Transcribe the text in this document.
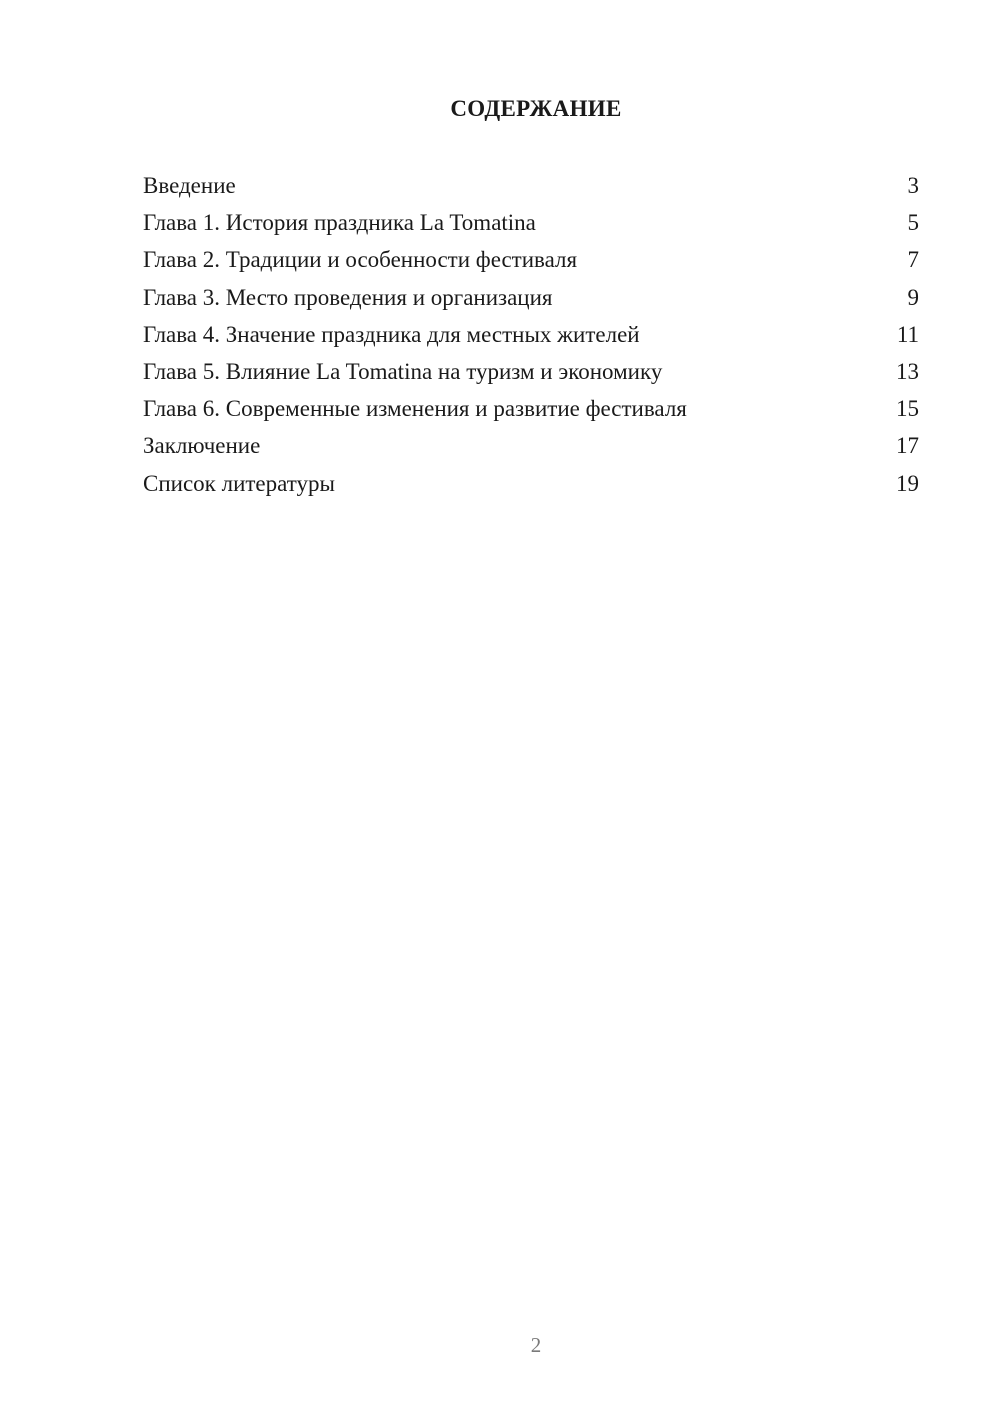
СОДЕРЖАНИЕ
Введение	3
Глава 1. История праздника La Tomatina	5
Глава 2. Традиции и особенности фестиваля	7
Глава 3. Место проведения и организация	9
Глава 4. Значение праздника для местных жителей	11
Глава 5. Влияние La Tomatina на туризм и экономику	13
Глава 6. Современные изменения и развитие фестиваля	15
Заключение	17
Список литературы	19
2
